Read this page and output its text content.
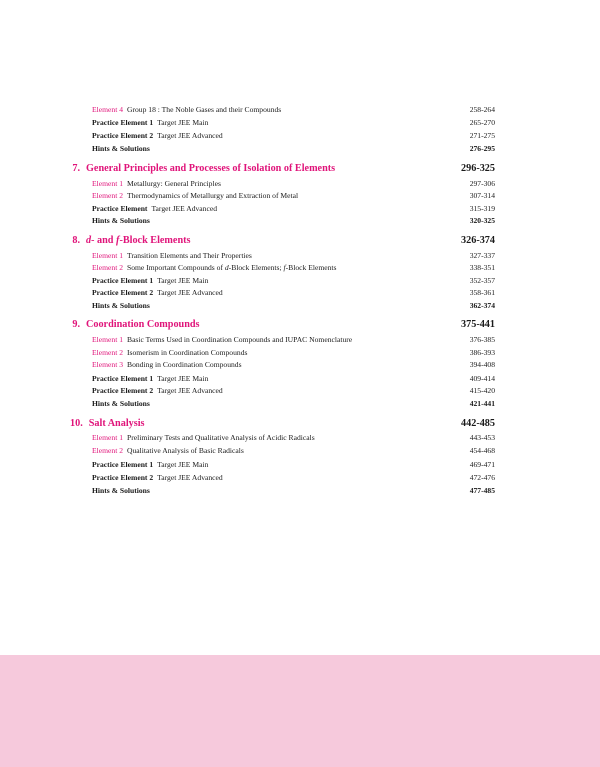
Element 4 Group 18 : The Noble Gases and their Compounds	258-264
Practice Element 1 Target JEE Main	265-270
Practice Element 2 Target JEE Advanced	271-275
Hints & Solutions	276-295
7. General Principles and Processes of Isolation of Elements	296-325
Element 1 Metallurgy: General Principles	297-306
Element 2 Thermodynamics of Metallurgy and Extraction of Metal	307-314
Practice Element Target JEE Advanced	315-319
Hints & Solutions	320-325
8. d- and f-Block Elements	326-374
Element 1 Transition Elements and Their Properties	327-337
Element 2 Some Important Compounds of d-Block Elements; f-Block Elements	338-351
Practice Element 1 Target JEE Main	352-357
Practice Element 2 Target JEE Advanced	358-361
Hints & Solutions	362-374
9. Coordination Compounds	375-441
Element 1 Basic Terms Used in Coordination Compounds and IUPAC Nomenclature	376-385
Element 2 Isomerism in Coordination Compounds	386-393
Element 3 Bonding in Coordination Compounds	394-408
Practice Element 1 Target JEE Main	409-414
Practice Element 2 Target JEE Advanced	415-420
Hints & Solutions	421-441
10. Salt Analysis	442-485
Element 1 Preliminary Tests and Qualitative Analysis of Acidic Radicals	443-453
Element 2 Qualitative Analysis of Basic Radicals	454-468
Practice Element 1 Target JEE Main	469-471
Practice Element 2 Target JEE Advanced	472-476
Hints & Solutions	477-485
